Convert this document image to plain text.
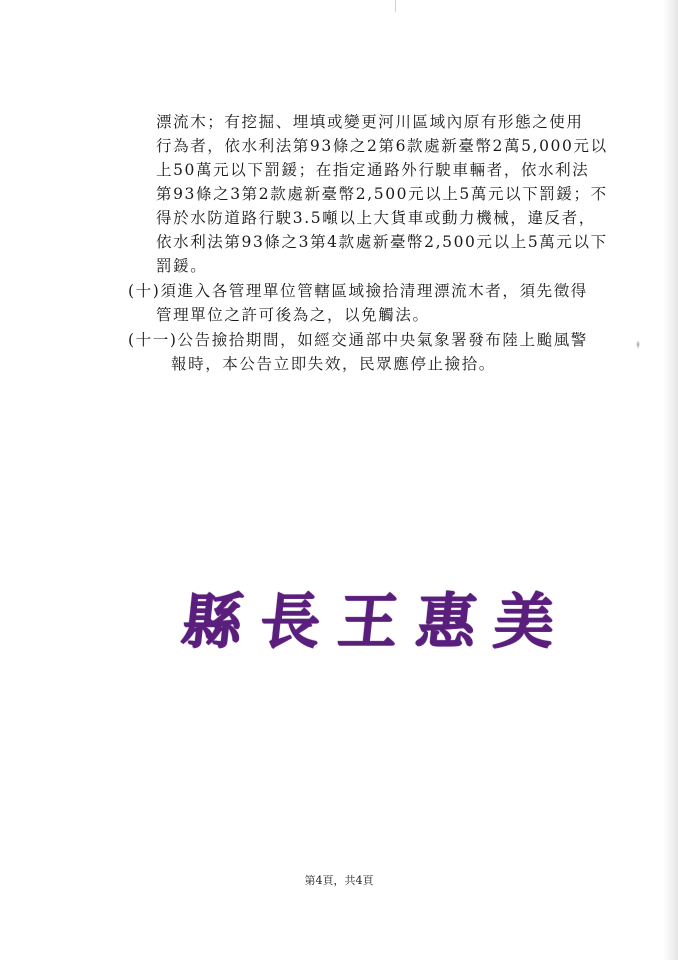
漂流木；有挖掘、埋填或變更河川區域內原有形態之使用
行為者，依水利法第93條之2第6款處新臺幣2萬5,000元以
上50萬元以下罰鍰；在指定通路外行駛車輛者，依水利法
第93條之3第2款處新臺幣2,500元以上5萬元以下罰鍰；不
得於水防道路行駛3.5噸以上大貨車或動力機械，違反者，
依水利法第93條之3第4款處新臺幣2,500元以上5萬元以下
罰鍰。
(十)須進入各管理單位管轄區域撿拾清理漂流木者，須先徵得
管理單位之許可後為之，以免觸法。
(十一)公告撿拾期間，如經交通部中央氣象署發布陸上颱風警
報時，本公告立即失效，民眾應停止撿拾。
縣 長 王 惠 美
第4頁，共4頁
